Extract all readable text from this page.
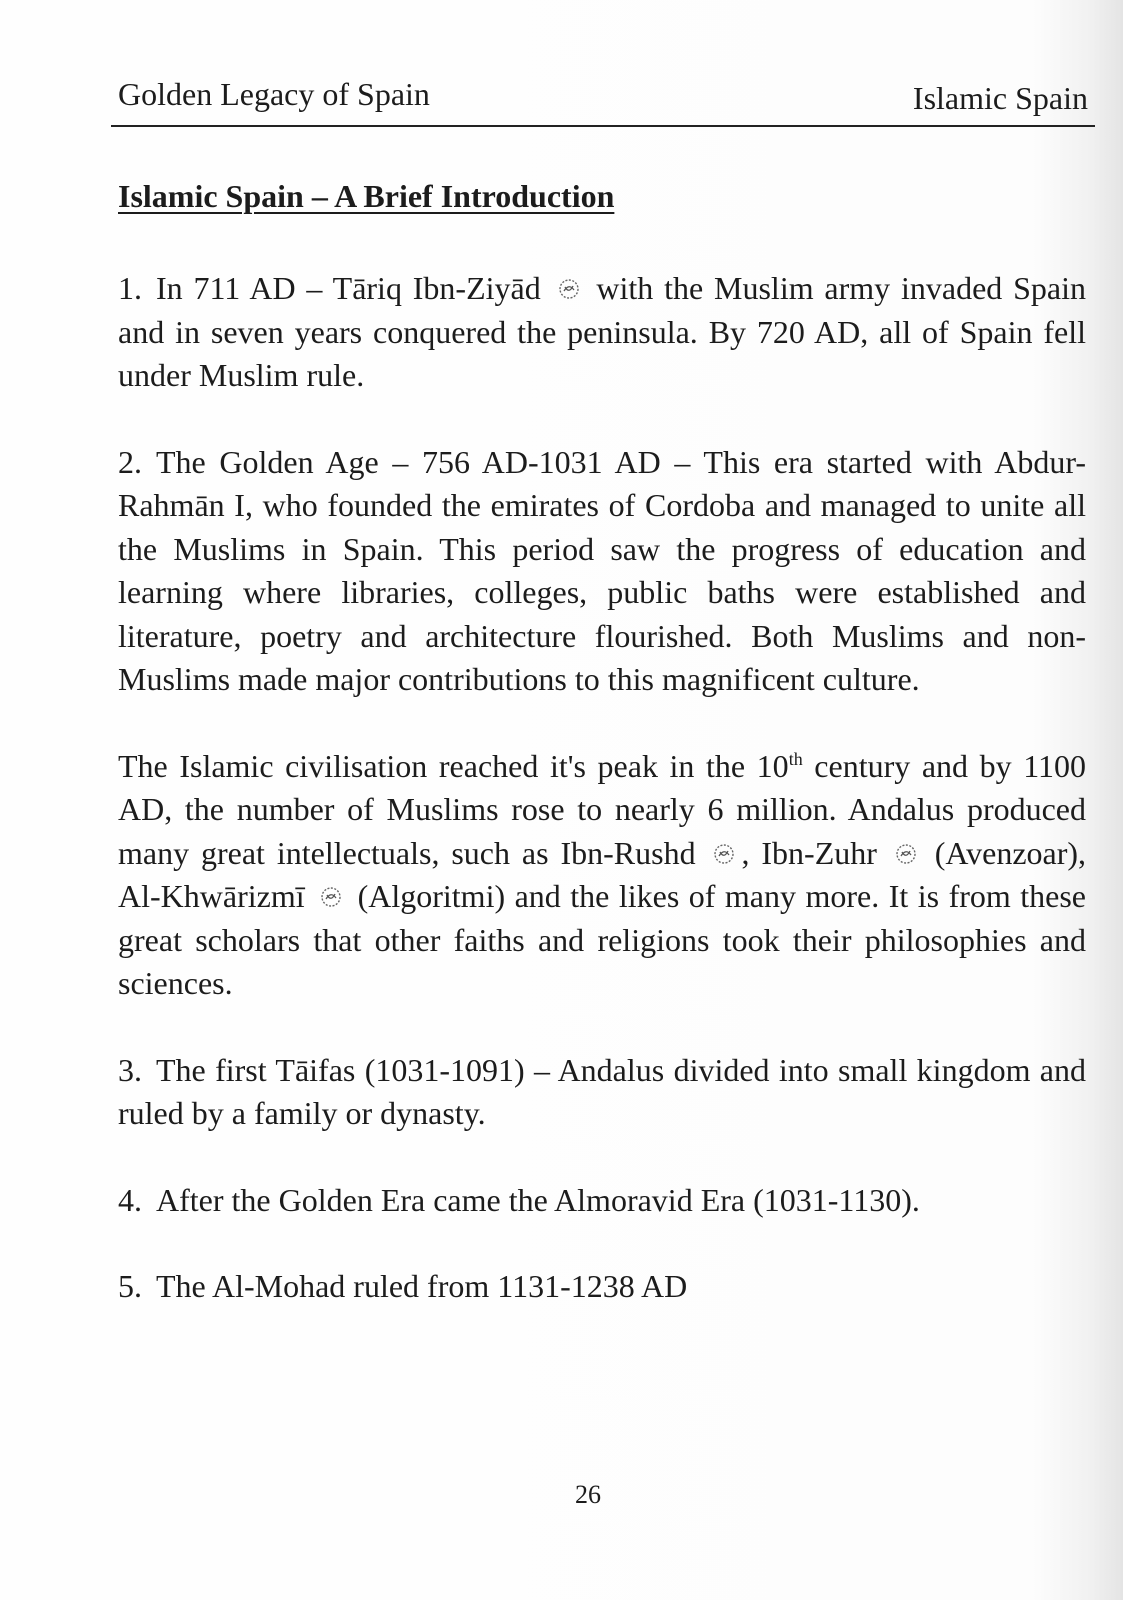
Golden Legacy of Spain	Islamic Spain
Islamic Spain – A Brief Introduction

1. In 711 AD – Tāriq Ibn-Ziyād with the Muslim army invaded Spain and in seven years conquered the peninsula. By 720 AD, all of Spain fell under Muslim rule.

2. The Golden Age – 756 AD-1031 AD – This era started with Abdur-Rahmān I, who founded the emirates of Cordoba and managed to unite all the Muslims in Spain. This period saw the progress of education and learning where libraries, colleges, public baths were established and literature, poetry and architecture flourished. Both Muslims and non-Muslims made major contributions to this magnificent culture.

The Islamic civilisation reached it's peak in the 10th century and by 1100 AD, the number of Muslims rose to nearly 6 million. Andalus produced many great intellectuals, such as Ibn-Rushd , Ibn-Zuhr (Avenzoar), Al-Khwārizmī (Algoritmi) and the likes of many more. It is from these great scholars that other faiths and religions took their philosophies and sciences.

3. The first Tāifas (1031-1091) – Andalus divided into small kingdom and ruled by a family or dynasty.

4. After the Golden Era came the Almoravid Era (1031-1130).

5. The Al-Mohad ruled from 1131-1238 AD

26
